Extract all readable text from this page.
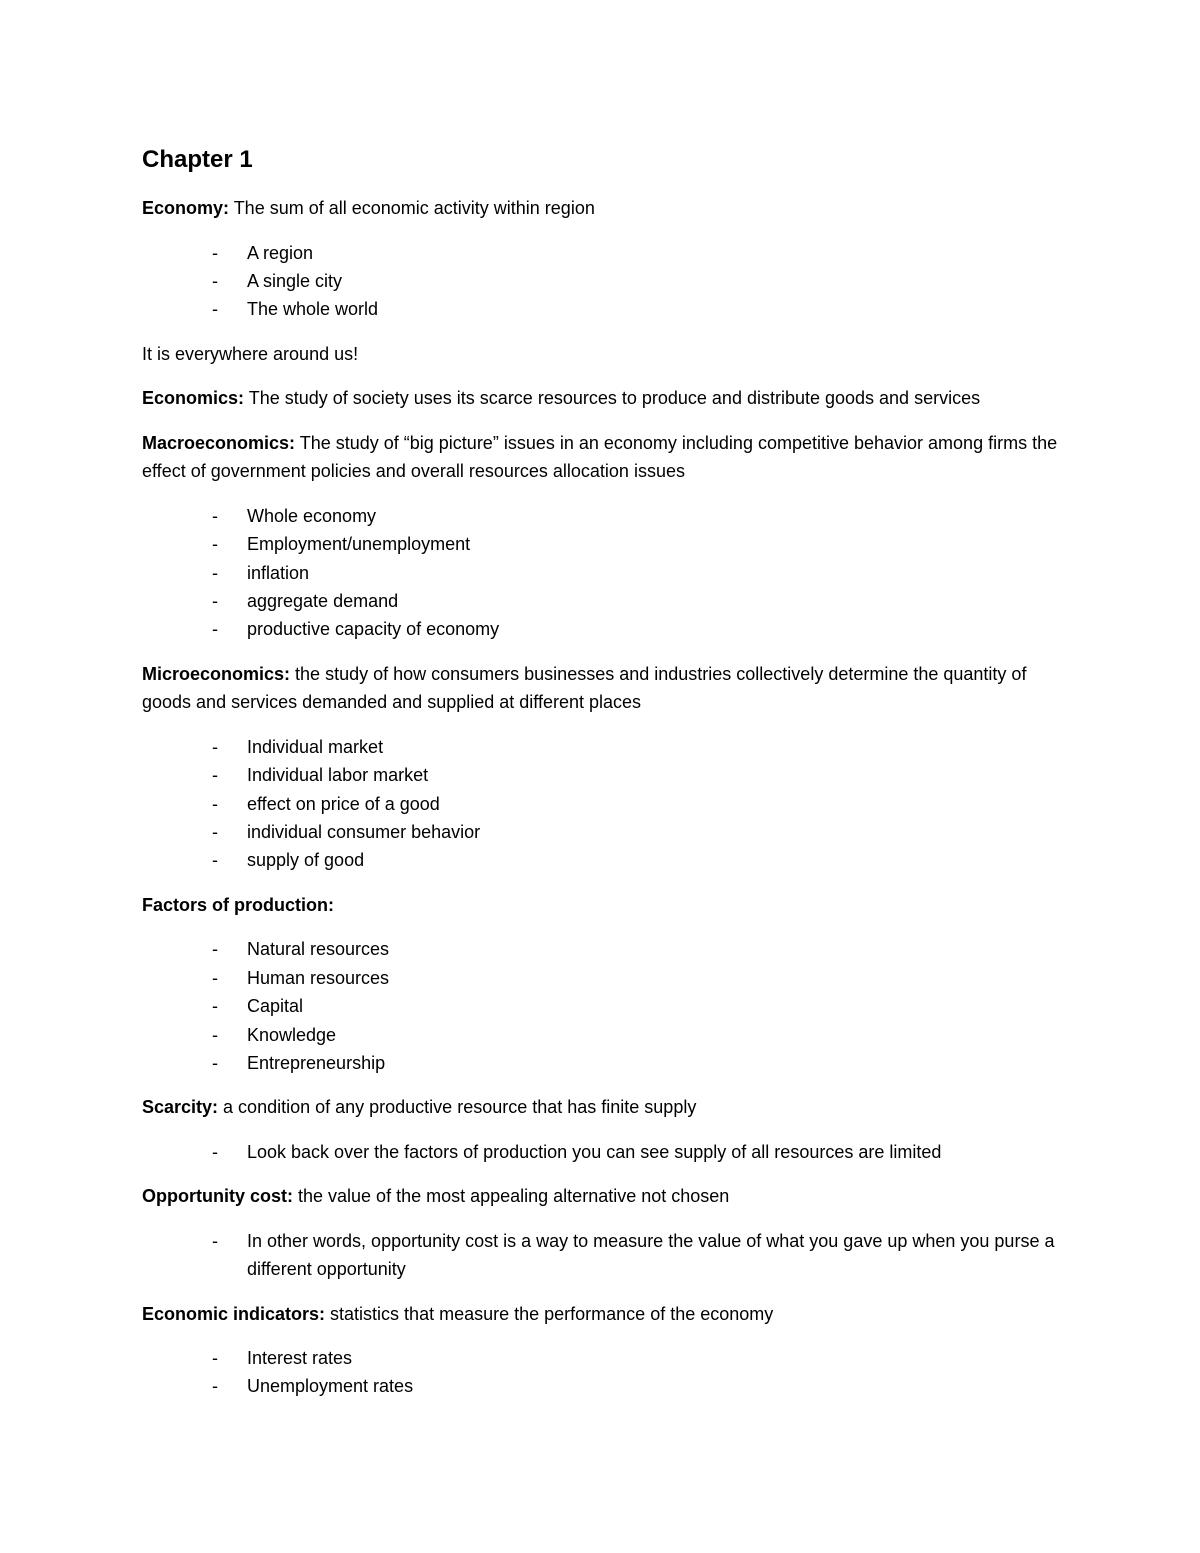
Chapter 1

Economy: The sum of all economic activity within region

- A region
- A single city
- The whole world

It is everywhere around us!

Economics: The study of society uses its scarce resources to produce and distribute goods and services

Macroeconomics: The study of “big picture” issues in an economy including competitive behavior among firms the effect of government policies and overall resources allocation issues

- Whole economy
- Employment/unemployment
- inflation
- aggregate demand
- productive capacity of economy

Microeconomics: the study of how consumers businesses and industries collectively determine the quantity of goods and services demanded and supplied at different places

- Individual market
- Individual labor market
- effect on price of a good
- individual consumer behavior
- supply of good

Factors of production:

- Natural resources
- Human resources
- Capital
- Knowledge
- Entrepreneurship

Scarcity: a condition of any productive resource that has finite supply

- Look back over the factors of production you can see supply of all resources are limited

Opportunity cost: the value of the most appealing alternative not chosen

- In other words, opportunity cost is a way to measure the value of what you gave up when you purse a different opportunity

Economic indicators: statistics that measure the performance of the economy

- Interest rates
- Unemployment rates
